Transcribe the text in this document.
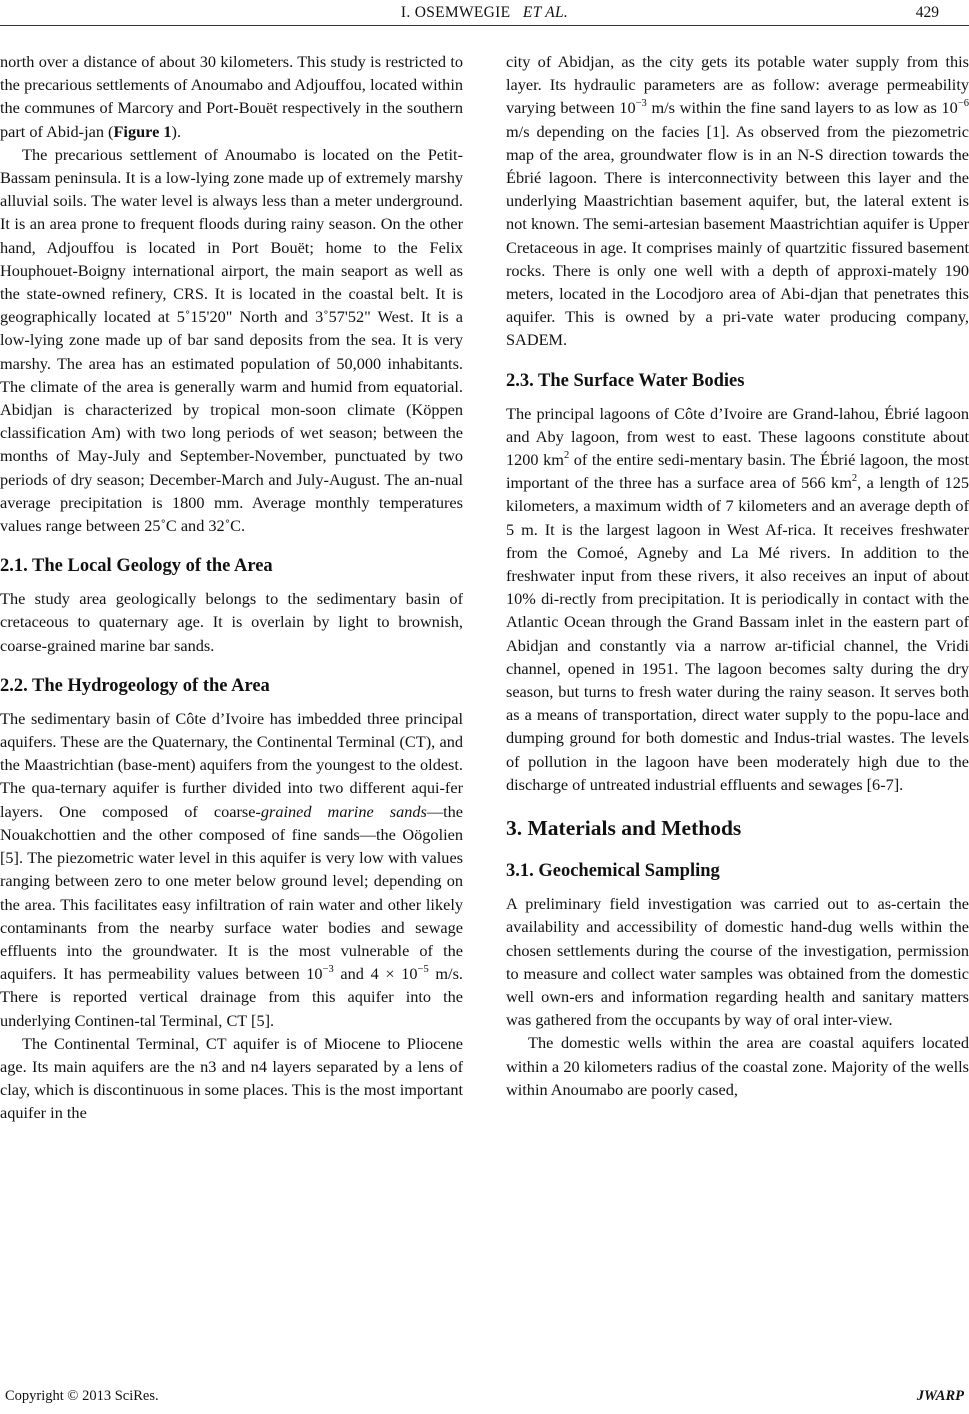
I. OSEMWEGIE ET AL.	429

north over a distance of about 30 kilometers. This study is restricted to the precarious settlements of Anoumabo and Adjouffou, located within the communes of Marcory and Port-Bouët respectively in the southern part of Abid-jan (Figure 1).

The precarious settlement of Anoumabo is located on the Petit-Bassam peninsula. It is a low-lying zone made up of extremely marshy alluvial soils. The water level is always less than a meter underground. It is an area prone to frequent floods during rainy season. On the other hand, Adjouffou is located in Port Bouët; home to the Felix Houphouet-Boigny international airport, the main seaport as well as the state-owned refinery, CRS. It is located in the coastal belt. It is geographically located at 5˚15'20" North and 3˚57'52" West. It is a low-lying zone made up of bar sand deposits from the sea. It is very marshy. The area has an estimated population of 50,000 inhabitants. The climate of the area is generally warm and humid from equatorial. Abidjan is characterized by tropical mon-soon climate (Köppen classification Am) with two long periods of wet season; between the months of May-July and September-November, punctuated by two periods of dry season; December-March and July-August. The an-nual average precipitation is 1800 mm. Average monthly temperatures values range between 25˚C and 32˚C.

2.1. The Local Geology of the Area

The study area geologically belongs to the sedimentary basin of cretaceous to quaternary age. It is overlain by light to brownish, coarse-grained marine bar sands.

2.2. The Hydrogeology of the Area

The sedimentary basin of Côte d’Ivoire has imbedded three principal aquifers. These are the Quaternary, the Continental Terminal (CT), and the Maastrichtian (base-ment) aquifers from the youngest to the oldest. The qua-ternary aquifer is further divided into two different aqui-fer layers. One composed of coarse-grained marine sands—the Nouakchottien and the other composed of fine sands—the Oögolien [5]. The piezometric water level in this aquifer is very low with values ranging between zero to one meter below ground level; depending on the area. This facilitates easy infiltration of rain water and other likely contaminants from the nearby surface water bodies and sewage effluents into the groundwater. It is the most vulnerable of the aquifers. It has permeability values between $10^{-3}$ and $4 \times 10^{-5}$ m/s. There is reported vertical drainage from this aquifer into the underlying Continen-tal Terminal, CT [5].

The Continental Terminal, CT aquifer is of Miocene to Pliocene age. Its main aquifers are the n3 and n4 layers separated by a lens of clay, which is discontinuous in some places. This is the most important aquifer in the

city of Abidjan, as the city gets its potable water supply from this layer. Its hydraulic parameters are as follow: average permeability varying between $10^{-3}$ m/s within the fine sand layers to as low as $10^{-6}$ m/s depending on the facies [1]. As observed from the piezometric map of the area, groundwater flow is in an N-S direction towards the Ébrié lagoon. There is interconnectivity between this layer and the underlying Maastrichtian basement aquifer, but, the lateral extent is not known. The semi-artesian basement Maastrichtian aquifer is Upper Cretaceous in age. It comprises mainly of quartzitic fissured basement rocks. There is only one well with a depth of approxi-mately 190 meters, located in the Locodjoro area of Abi-djan that penetrates this aquifer. This is owned by a pri-vate water producing company, SADEM.

2.3. The Surface Water Bodies

The principal lagoons of Côte d’Ivoire are Grand-lahou, Ébrié lagoon and Aby lagoon, from west to east. These lagoons constitute about 1200 $km^2$ of the entire sedi-mentary basin. The Ébrié lagoon, the most important of the three has a surface area of 566 $km^2$, a length of 125 kilometers, a maximum width of 7 kilometers and an average depth of 5 m. It is the largest lagoon in West Af-rica. It receives freshwater from the Comoé, Agneby and La Mé rivers. In addition to the freshwater input from these rivers, it also receives an input of about 10% di-rectly from precipitation. It is periodically in contact with the Atlantic Ocean through the Grand Bassam inlet in the eastern part of Abidjan and constantly via a narrow ar-tificial channel, the Vridi channel, opened in 1951. The lagoon becomes salty during the dry season, but turns to fresh water during the rainy season. It serves both as a means of transportation, direct water supply to the popu-lace and dumping ground for both domestic and Indus-trial wastes. The levels of pollution in the lagoon have been moderately high due to the discharge of untreated industrial effluents and sewages [6-7].

3. Materials and Methods
3.1. Geochemical Sampling

A preliminary field investigation was carried out to as-certain the availability and accessibility of domestic hand-dug wells within the chosen settlements during the course of the investigation, permission to measure and collect water samples was obtained from the domestic well own-ers and information regarding health and sanitary matters was gathered from the occupants by way of oral inter-view.

The domestic wells within the area are coastal aquifers located within a 20 kilometers radius of the coastal zone. Majority of the wells within Anoumabo are poorly cased,

Copyright © 2013 SciRes.	JWARP
